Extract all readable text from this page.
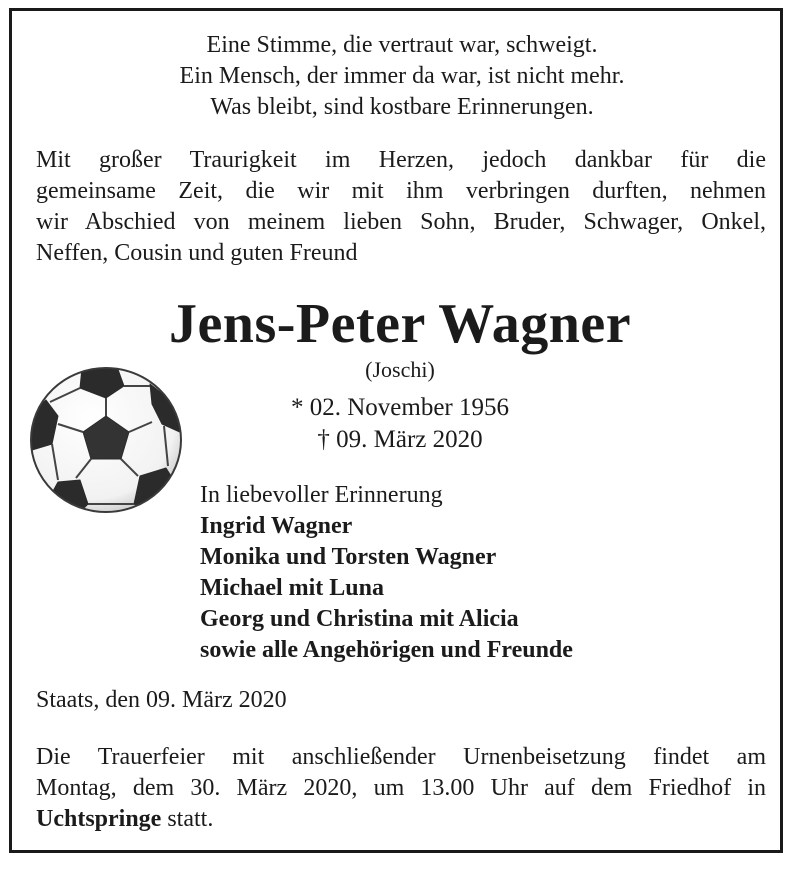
Eine Stimme, die vertraut war, schweigt.
Ein Mensch, der immer da war, ist nicht mehr.
Was bleibt, sind kostbare Erinnerungen.
Mit großer Traurigkeit im Herzen, jedoch dankbar für die
gemeinsame Zeit, die wir mit ihm verbringen durften, nehmen
wir Abschied von meinem lieben Sohn, Bruder, Schwager, Onkel,
Neffen, Cousin und guten Freund
Jens-Peter Wagner
(Joschi)
* 02. November 1956
† 09. März 2020
In liebevoller Erinnerung
Ingrid Wagner
Monika und Torsten Wagner
Michael mit Luna
Georg und Christina mit Alicia
sowie alle Angehörigen und Freunde
Staats, den 09. März 2020
Die Trauerfeier mit anschließender Urnenbeisetzung findet am
Montag, dem 30. März 2020, um 13.00 Uhr auf dem Friedhof in
Uchtspringe statt.
